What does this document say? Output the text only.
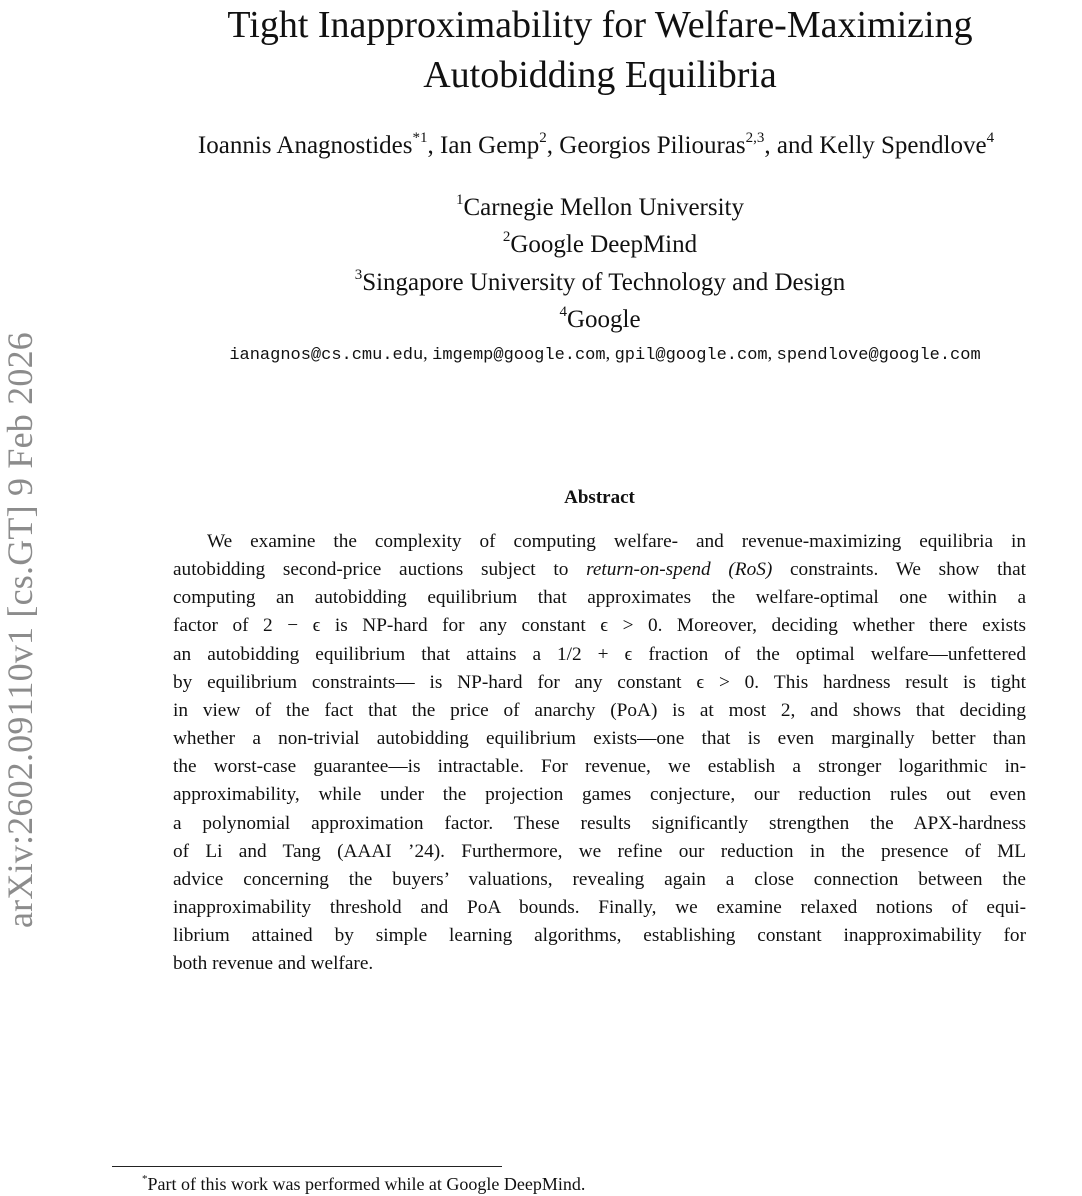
arXiv:2602.09110v1 [cs.GT] 9 Feb 2026
Tight Inapproximability for Welfare-Maximizing
Autobidding Equilibria
Ioannis Anagnostides$^{*1}$, Ian Gemp$^2$, Georgios Piliouras$^{2,3}$, and Kelly Spendlove$^4$
$^1$Carnegie Mellon University
$^2$Google DeepMind
$^3$Singapore University of Technology and Design
$^4$Google
ianagnos@cs.cmu.edu, imgemp@google.com, gpil@google.com, spendlove@google.com
Abstract
We examine the complexity of computing welfare- and revenue-maximizing equilibria in
autobidding second-price auctions subject to return-on-spend (RoS) constraints. We show that
computing an autobidding equilibrium that approximates the welfare-optimal one within a
factor of 2 − ϵ is NP-hard for any constant ϵ > 0. Moreover, deciding whether there exists
an autobidding equilibrium that attains a 1/2 + ϵ fraction of the optimal welfare—unfettered
by equilibrium constraints— is NP-hard for any constant ϵ > 0. This hardness result is tight
in view of the fact that the price of anarchy (PoA) is at most 2, and shows that deciding
whether a non-trivial autobidding equilibrium exists—one that is even marginally better than
the worst-case guarantee—is intractable. For revenue, we establish a stronger logarithmic in-
approximability, while under the projection games conjecture, our reduction rules out even
a polynomial approximation factor. These results significantly strengthen the APX-hardness
of Li and Tang (AAAI ’24). Furthermore, we refine our reduction in the presence of ML
advice concerning the buyers’ valuations, revealing again a close connection between the
inapproximability threshold and PoA bounds. Finally, we examine relaxed notions of equi-
librium attained by simple learning algorithms, establishing constant inapproximability for
both revenue and welfare.
*Part of this work was performed while at Google DeepMind.
